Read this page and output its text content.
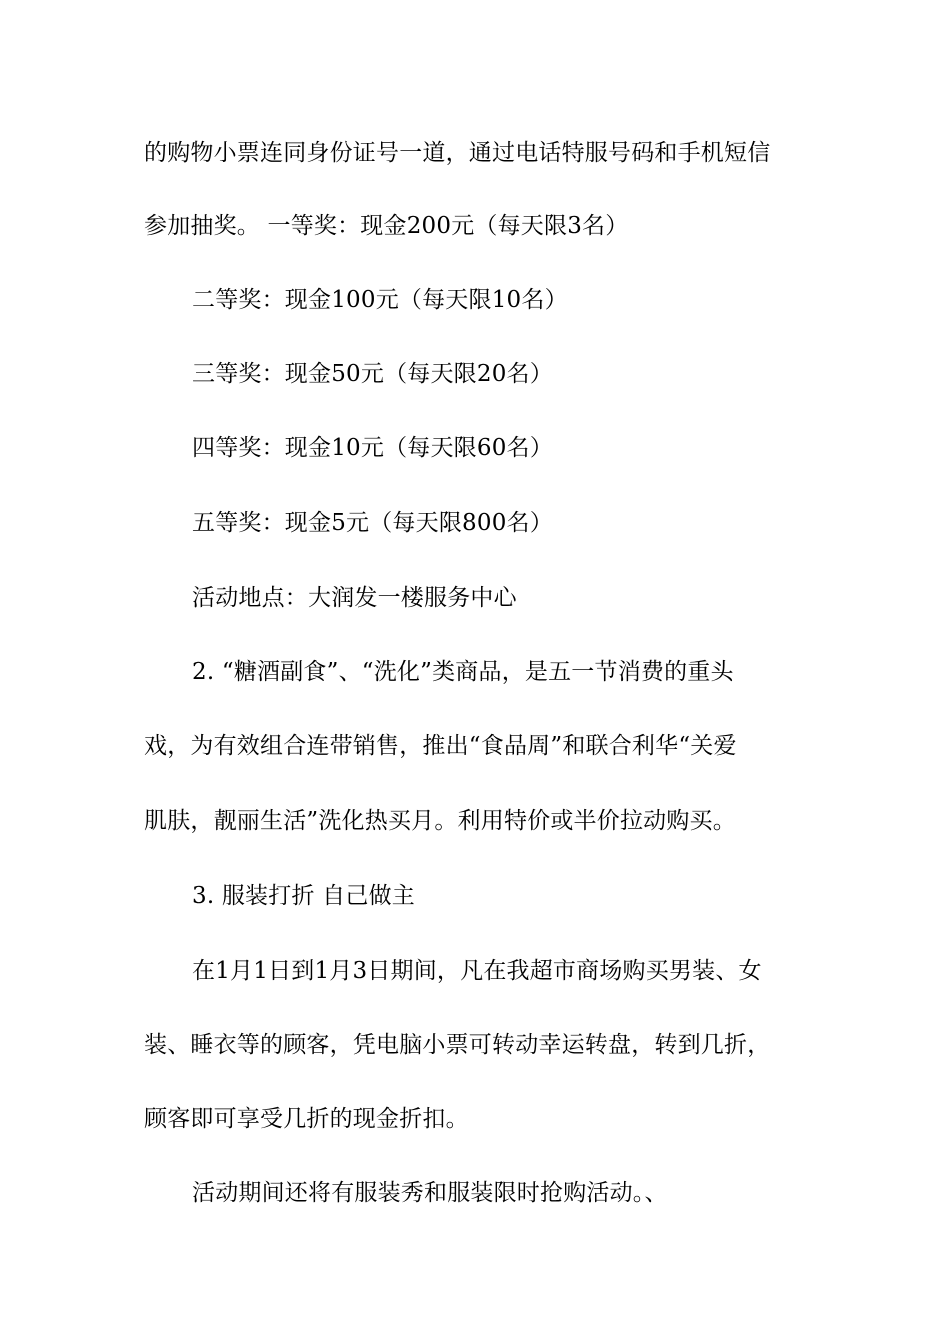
的购物小票连同身份证号一道，通过电话特服号码和手机短信
参加抽奖。 一等奖：现金200元（每天限3名）
二等奖：现金100元（每天限10名）
三等奖：现金50元（每天限20名）
四等奖：现金10元（每天限60名）
五等奖：现金5元（每天限800名）
活动地点：大润发一楼服务中心
2. “糖酒副食”、“洗化”类商品，是五一节消费的重头
戏，为有效组合连带销售，推出“食品周”和联合利华“关爱
肌肤，靓丽生活”洗化热买月。利用特价或半价拉动购买。
3. 服装打折 自己做主
在1月1日到1月3日期间，凡在我超市商场购买男装、女
装、睡衣等的顾客，凭电脑小票可转动幸运转盘，转到几折，
顾客即可享受几折的现金折扣。
活动期间还将有服装秀和服装限时抢购活动。、
